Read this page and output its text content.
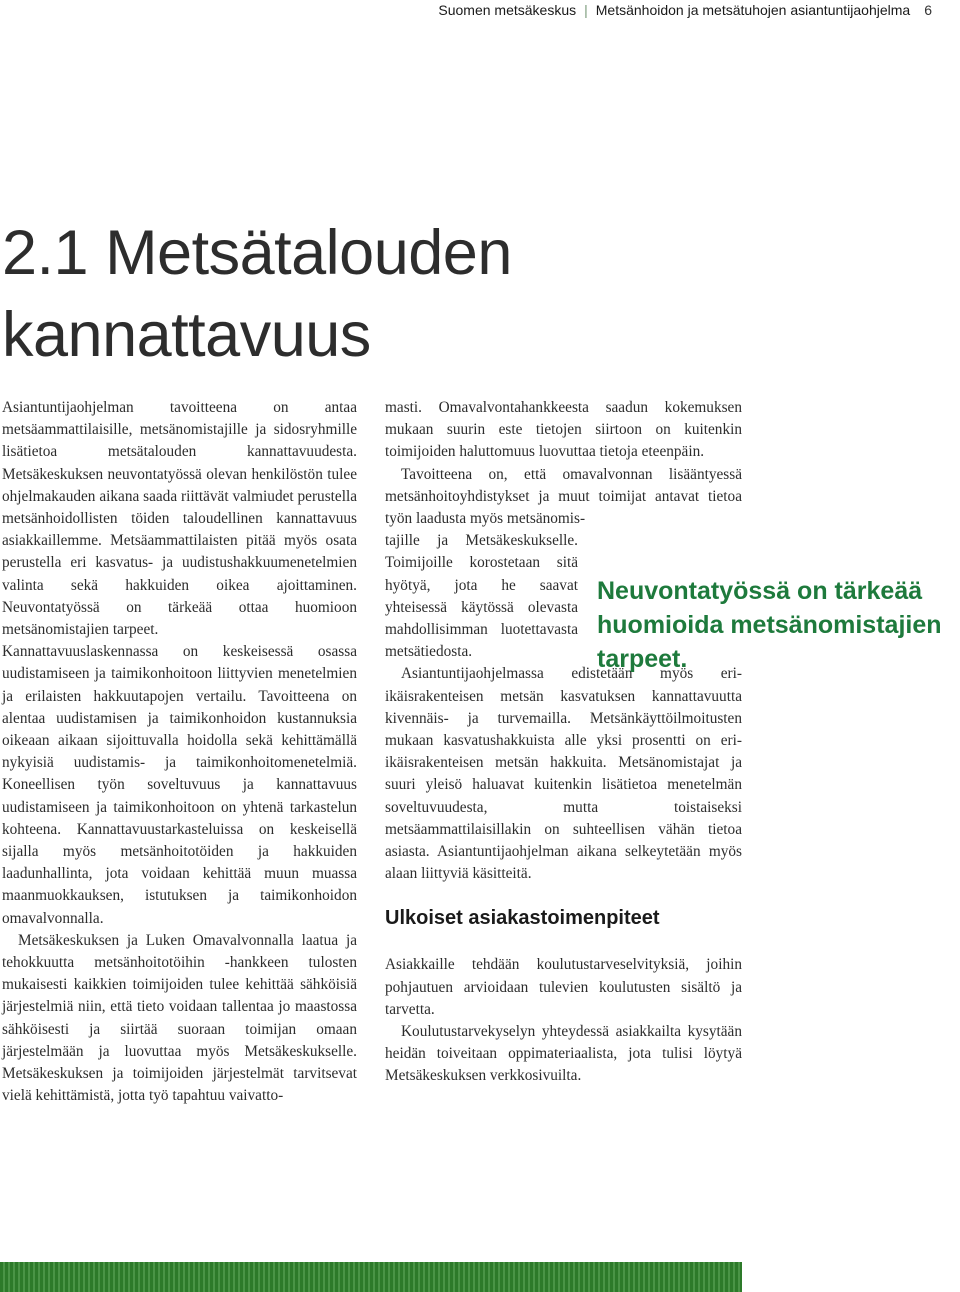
Suomen metsäkeskus | Metsänhoidon ja metsätuhojen asiantuntijaohjelma 6
2.1 Metsätalouden
kannattavuus

Asiantuntijaohjelman tavoitteena on antaa metsäammattilaisille, metsänomistajille ja sidosryhmille lisätietoa metsätalouden kannattavuudesta. Metsäkeskuksen neuvontatyössä olevan henkilöstön tulee ohjelmakauden aikana saada riittävät valmiudet perustella metsänhoidollisten töiden taloudellinen kannattavuus asiakkaillemme. Metsäammattilaisten pitää myös osata perustella eri kasvatus- ja uudistushakkuumenetelmien valinta sekä hakkuiden oikea ajoittaminen. Neuvontatyössä on tärkeää ottaa huomioon metsänomistajien tarpeet.

Kannattavuuslaskennassa on keskeisessä osassa uudistamiseen ja taimikonhoitoon liittyvien menetelmien ja erilaisten hakkuutapojen vertailu. Tavoitteena on alentaa uudistamisen ja taimikonhoidon kustannuksia oikeaan aikaan sijoittuvalla hoidolla sekä kehittämällä nykyisiä uudistamis- ja taimikonhoitomenetelmiä. Koneellisen työn soveltuvuus ja kannattavuus uudistamiseen ja taimikonhoitoon on yhtenä tarkastelun kohteena. Kannattavuustarkasteluissa on keskeisellä sijalla myös metsänhoitotöiden ja hakkuiden laadunhallinta, jota voidaan kehittää muun muassa maanmuokkauksen, istutuksen ja taimikonhoidon omavalvonnalla.

Metsäkeskuksen ja Luken Omavalvonnalla laatua ja tehokkuutta metsänhoitotöihin -hankkeen tulosten mukaisesti kaikkien toimijoiden tulee kehittää sähköisiä järjestelmiä niin, että tieto voidaan tallentaa jo maastossa sähköisesti ja siirtää suoraan toimijan omaan järjestelmään ja luovuttaa myös Metsäkeskukselle. Metsäkeskuksen ja toimijoiden järjestelmät tarvitsevat vielä kehittämistä, jotta työ tapahtuu vaivatto-

masti. Omavalvontahankkeesta saadun kokemuksen mukaan suurin este tietojen siirtoon on kuitenkin toimijoiden haluttomuus luovuttaa tietoja eteenpäin.

Tavoitteena on, että omavalvonnan lisääntyessä metsänhoitoyhdistykset ja muut toimijat antavat tietoa työn laadusta myös metsänomis-

tajille ja Metsäkeskukselle. Toimijoille korostetaan sitä hyötyä, jota he saavat yhteisessä käytössä olevasta mahdollisimman luotettavasta metsätiedosta.

Asiantuntijaohjelmassa edistetään myös eri-ikäisrakenteisen metsän kasvatuksen kannattavuutta kivennäis- ja turvemailla. Metsänkäyttöilmoitusten mukaan kasvatushakkuista alle yksi prosentti on eri-ikäisrakenteisen metsän hakkuita. Metsänomistajat ja suuri yleisö haluavat kuitenkin lisätietoa menetelmän soveltuvuudesta, mutta toistaiseksi metsäammattilaisillakin on suhteellisen vähän tietoa asiasta. Asiantuntijaohjelman aikana selkeytetään myös alaan liittyviä käsitteitä.

Ulkoiset asiakastoimenpiteet

Asiakkaille tehdään koulutustarveselvityksiä, joihin pohjautuen arvioidaan tulevien koulutusten sisältö ja tarvetta.

Koulutustarvekyselyn yhteydessä asiakkailta kysytään heidän toiveitaan oppimateriaalista, jota tulisi löytyä Metsäkeskuksen verkkosivuilta.

Neuvontatyössä on tärkeää huomioida metsänomistajien tarpeet.
